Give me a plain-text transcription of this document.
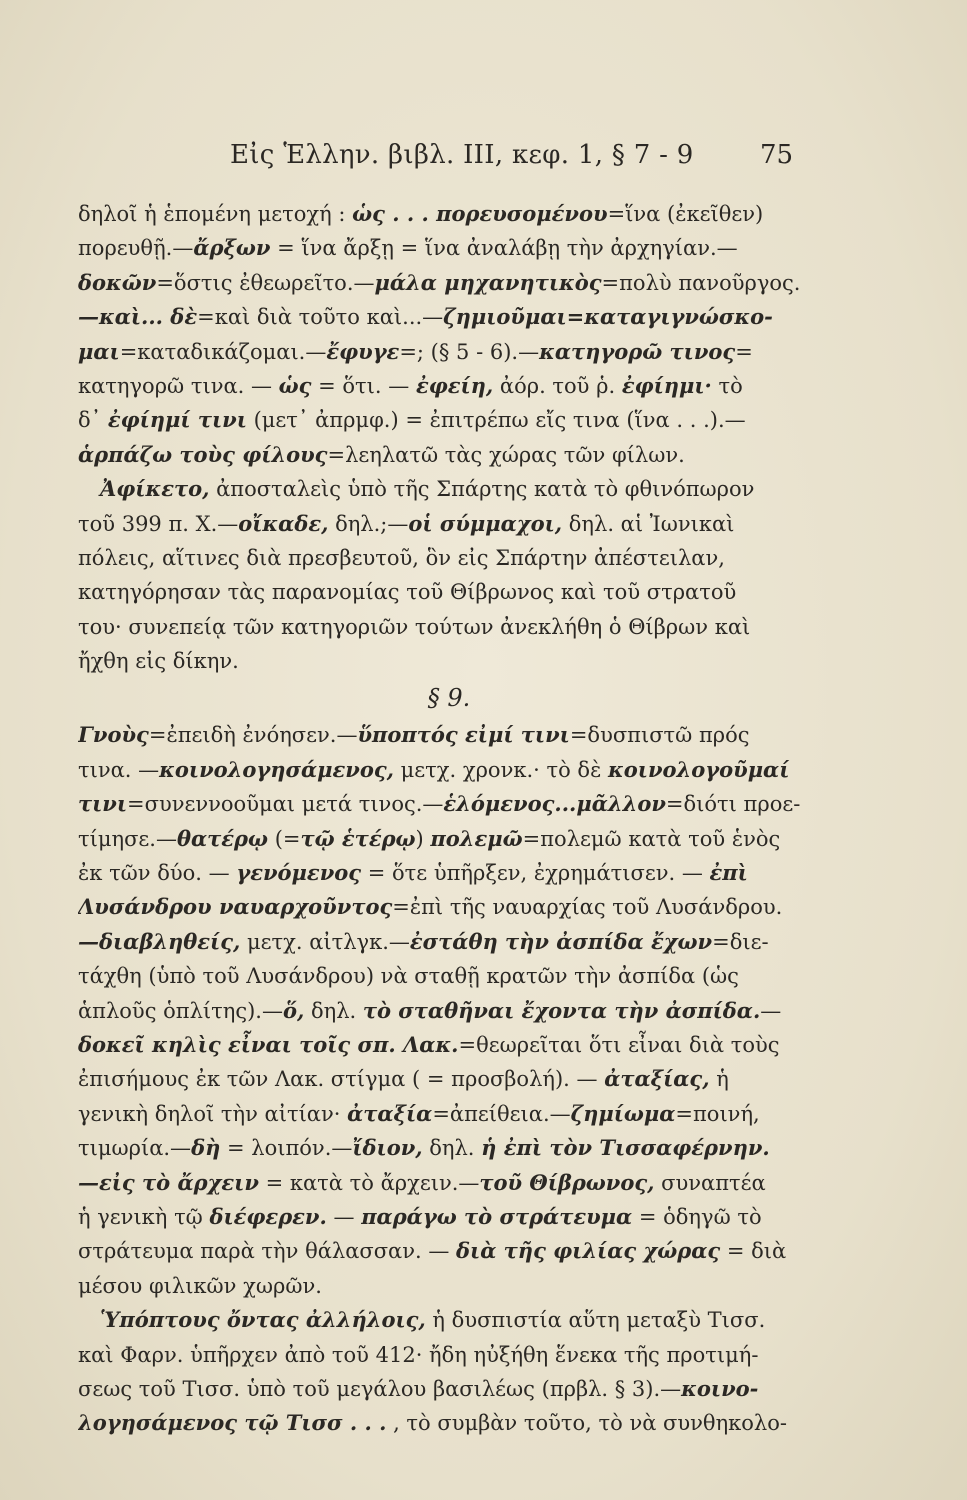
Εἰς Ἑλλην. βιβλ. ΙΙΙ, κεφ. 1, § 7 - 9	75
δηλοῖ ἡ ἑπομένη μετοχή : ὡς . . . πορευσομένου=ἵνα (ἐκεῖθεν)
πορευθῇ.—ἄρξων = ἵνα ἄρξῃ = ἵνα ἀναλάβῃ τὴν ἀρχηγίαν.—
δοκῶν=ὅστις ἐθεωρεῖτο.—μάλα μηχανητικὸς=πολὺ πανοῦργος.
—καὶ... δὲ=καὶ διὰ τοῦτο καὶ...—ζημιοῦμαι=καταγιγνώσκο-
μαι=καταδικάζομαι.—ἔφυγε=; (§ 5 - 6).—κατηγορῶ τινος=
κατηγορῶ τινα. — ὡς = ὅτι. — ἐφείη, ἀόρ. τοῦ ῥ. ἐφίημι· τὸ
δ᾽ ἐφίημί τινι (μετ᾽ ἀπρμφ.) = ἐπιτρέπω εἴς τινα (ἵνα . . .).—
ἁρπάζω τοὺς φίλους=λεηλατῶ τὰς χώρας τῶν φίλων.
Ἀφίκετο, ἀποσταλεὶς ὑπὸ τῆς Σπάρτης κατὰ τὸ φθινόπωρον
τοῦ 399 π. Χ.—οἴκαδε, δηλ.;—οἱ σύμμαχοι, δηλ. αἱ Ἰωνικαὶ
πόλεις, αἵτινες διὰ πρεσβευτοῦ, ὃν εἰς Σπάρτην ἀπέστειλαν,
κατηγόρησαν τὰς παρανομίας τοῦ Θίβρωνος καὶ τοῦ στρατοῦ
του· συνεπείᾳ τῶν κατηγοριῶν τούτων ἀνεκλήθη ὁ Θίβρων καὶ
ἤχθη εἰς δίκην.
§ 9.
Γνοὺς=ἐπειδὴ ἐνόησεν.—ὕποπτός εἰμί τινι=δυσπιστῶ πρός
τινα. —κοινολογησάμενος, μετχ. χρονκ.· τὸ δὲ κοινολογοῦμαί
τινι=συνεννοοῦμαι μετά τινος.—ἑλόμενος...μᾶλλον=διότι προε-
τίμησε.—θατέρῳ (=τῷ ἑτέρῳ) πολεμῶ=πολεμῶ κατὰ τοῦ ἑνὸς
ἐκ τῶν δύο. — γενόμενος = ὅτε ὑπῆρξεν, ἐχρημάτισεν. — ἐπὶ
Λυσάνδρου ναυαρχοῦντος=ἐπὶ τῆς ναυαρχίας τοῦ Λυσάνδρου.
—διαβληθείς, μετχ. αἰτλγκ.—ἐστάθη τὴν ἀσπίδα ἔχων=διε-
τάχθη (ὑπὸ τοῦ Λυσάνδρου) νὰ σταθῇ κρατῶν τὴν ἀσπίδα (ὡς
ἁπλοῦς ὁπλίτης).—ὅ, δηλ. τὸ σταθῆναι ἔχοντα τὴν ἀσπίδα.—
δοκεῖ κηλὶς εἶναι τοῖς σπ. Λακ.=θεωρεῖται ὅτι εἶναι διὰ τοὺς
ἐπισήμους ἐκ τῶν Λακ. στίγμα ( = προσβολή). — ἀταξίας, ἡ
γενικὴ δηλοῖ τὴν αἰτίαν· ἀταξία=ἀπείθεια.—ζημίωμα=ποινή,
τιμωρία.—δὴ = λοιπόν.—ἴδιον, δηλ. ἡ ἐπὶ τὸν Τισσαφέρνην.
—εἰς τὸ ἄρχειν = κατὰ τὸ ἄρχειν.—τοῦ Θίβρωνος, συναπτέα
ἡ γενικὴ τῷ διέφερεν. — παράγω τὸ στράτευμα = ὁδηγῶ τὸ
στράτευμα παρὰ τὴν θάλασσαν. — διὰ τῆς φιλίας χώρας = διὰ
μέσου φιλικῶν χωρῶν.
Ὑπόπτους ὄντας ἀλλήλοις, ἡ δυσπιστία αὕτη μεταξὺ Τισσ.
καὶ Φαρν. ὑπῆρχεν ἀπὸ τοῦ 412· ἤδη ηὐξήθη ἕνεκα τῆς προτιμή-
σεως τοῦ Τισσ. ὑπὸ τοῦ μεγάλου βασιλέως (πρβλ. § 3).—κοινο-
λογησάμενος τῷ Τισσ . . . , τὸ συμβὰν τοῦτο, τὸ νὰ συνθηκολο-
